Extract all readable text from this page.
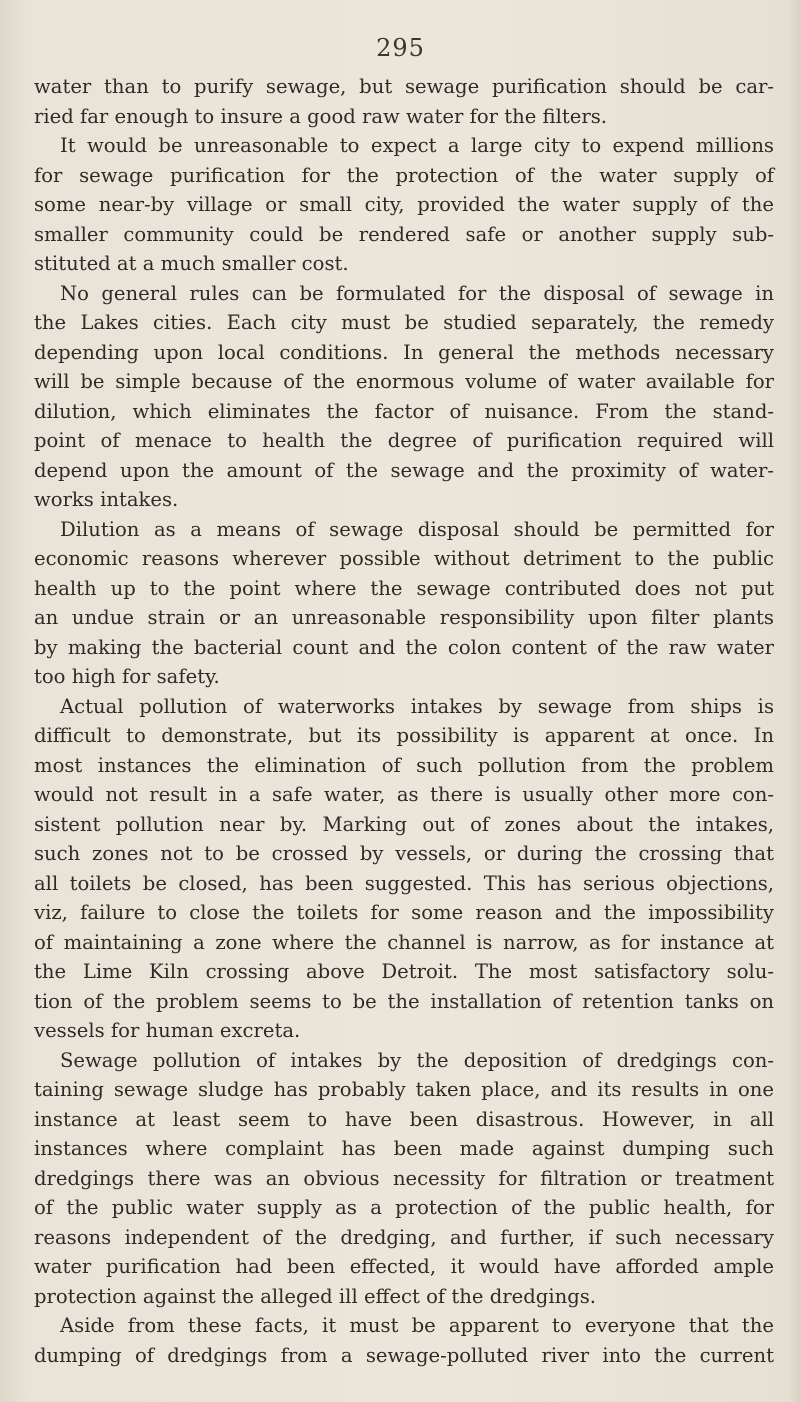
295
water than to purify sewage, but sewage purification should be car-
ried far enough to insure a good raw water for the filters.
It would be unreasonable to expect a large city to expend millions
for sewage purification for the protection of the water supply of
some near-by village or small city, provided the water supply of the
smaller community could be rendered safe or another supply sub-
stituted at a much smaller cost.
No general rules can be formulated for the disposal of sewage in
the Lakes cities. Each city must be studied separately, the remedy
depending upon local conditions. In general the methods necessary
will be simple because of the enormous volume of water available for
dilution, which eliminates the factor of nuisance. From the stand-
point of menace to health the degree of purification required will
depend upon the amount of the sewage and the proximity of water-
works intakes.
Dilution as a means of sewage disposal should be permitted for
economic reasons wherever possible without detriment to the public
health up to the point where the sewage contributed does not put
an undue strain or an unreasonable responsibility upon filter plants
by making the bacterial count and the colon content of the raw water
too high for safety.
Actual pollution of waterworks intakes by sewage from ships is
difficult to demonstrate, but its possibility is apparent at once. In
most instances the elimination of such pollution from the problem
would not result in a safe water, as there is usually other more con-
sistent pollution near by. Marking out of zones about the intakes,
such zones not to be crossed by vessels, or during the crossing that
all toilets be closed, has been suggested. This has serious objections,
viz, failure to close the toilets for some reason and the impossibility
of maintaining a zone where the channel is narrow, as for instance at
the Lime Kiln crossing above Detroit. The most satisfactory solu-
tion of the problem seems to be the installation of retention tanks on
vessels for human excreta.
Sewage pollution of intakes by the deposition of dredgings con-
taining sewage sludge has probably taken place, and its results in one
instance at least seem to have been disastrous. However, in all
instances where complaint has been made against dumping such
dredgings there was an obvious necessity for filtration or treatment
of the public water supply as a protection of the public health, for
reasons independent of the dredging, and further, if such necessary
water purification had been effected, it would have afforded ample
protection against the alleged ill effect of the dredgings.
Aside from these facts, it must be apparent to everyone that the
dumping of dredgings from a sewage-polluted river into the current
